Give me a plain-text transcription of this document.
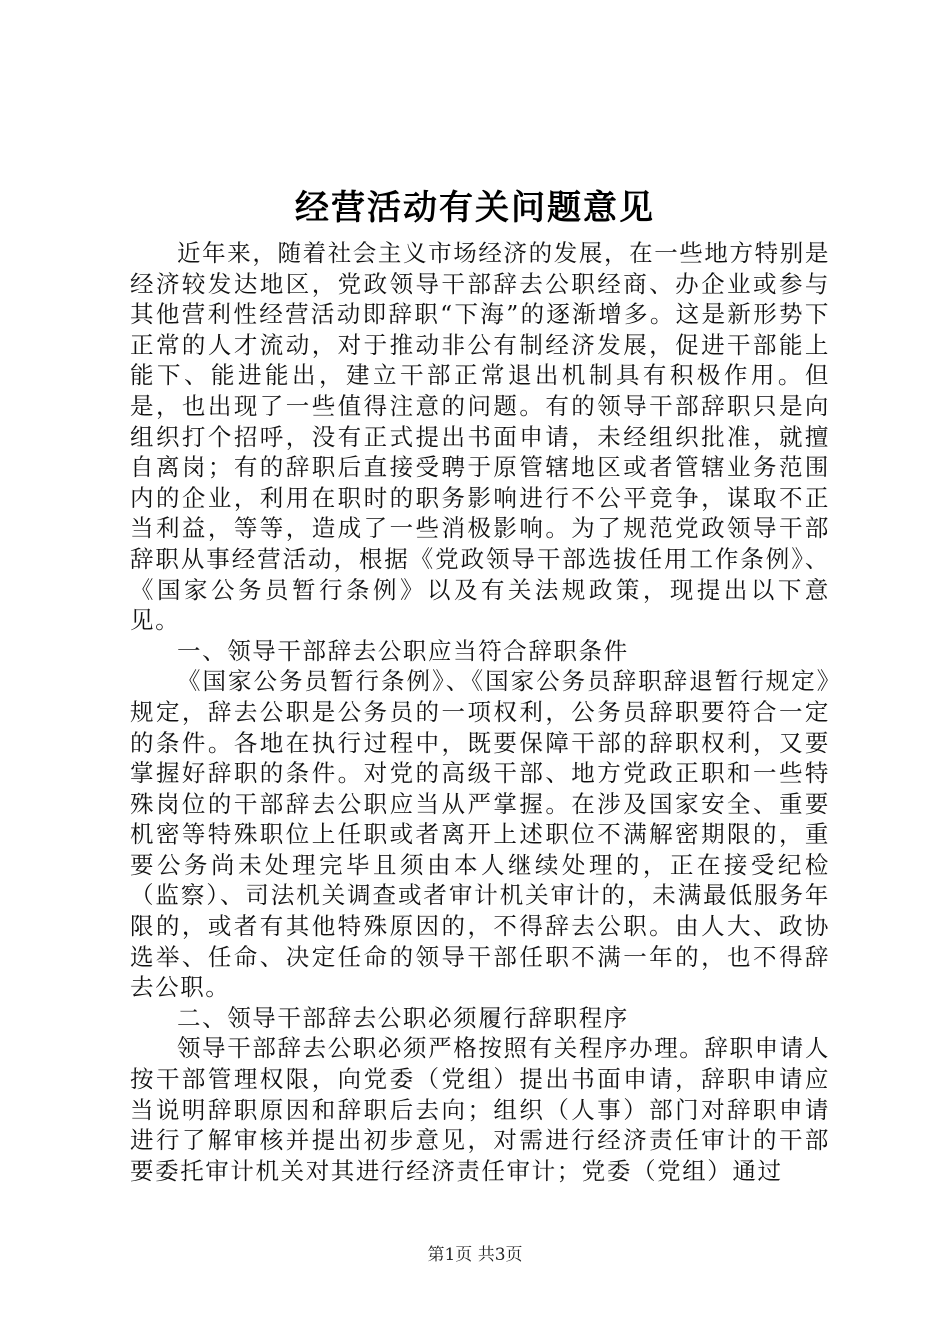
经营活动有关问题意见

近年来，随着社会主义市场经济的发展，在一些地方特别是经济较发达地区，党政领导干部辞去公职经商、办企业或参与其他营利性经营活动即辞职“下海”的逐渐增多。这是新形势下正常的人才流动，对于推动非公有制经济发展，促进干部能上能下、能进能出，建立干部正常退出机制具有积极作用。但是，也出现了一些值得注意的问题。有的领导干部辞职只是向组织打个招呼，没有正式提出书面申请，未经组织批准，就擅自离岗；有的辞职后直接受聘于原管辖地区或者管辖业务范围内的企业，利用在职时的职务影响进行不公平竞争，谋取不正当利益，等等，造成了一些消极影响。为了规范党政领导干部辞职从事经营活动，根据《党政领导干部选拔任用工作条例》、《国家公务员暂行条例》以及有关法规政策，现提出以下意见。

一、领导干部辞去公职应当符合辞职条件

《国家公务员暂行条例》、《国家公务员辞职辞退暂行规定》规定，辞去公职是公务员的一项权利，公务员辞职要符合一定的条件。各地在执行过程中，既要保障干部的辞职权利，又要掌握好辞职的条件。对党的高级干部、地方党政正职和一些特殊岗位的干部辞去公职应当从严掌握。在涉及国家安全、重要机密等特殊职位上任职或者离开上述职位不满解密期限的，重要公务尚未处理完毕且须由本人继续处理的，正在接受纪检（监察）、司法机关调查或者审计机关审计的，未满最低服务年限的，或者有其他特殊原因的，不得辞去公职。由人大、政协选举、任命、决定任命的领导干部任职不满一年的，也不得辞去公职。

二、领导干部辞去公职必须履行辞职程序

领导干部辞去公职必须严格按照有关程序办理。辞职申请人按干部管理权限，向党委（党组）提出书面申请，辞职申请应当说明辞职原因和辞职后去向；组织（人事）部门对辞职申请进行了解审核并提出初步意见，对需进行经济责任审计的干部要委托审计机关对其进行经济责任审计；党委（党组）通过

第1页 共3页
